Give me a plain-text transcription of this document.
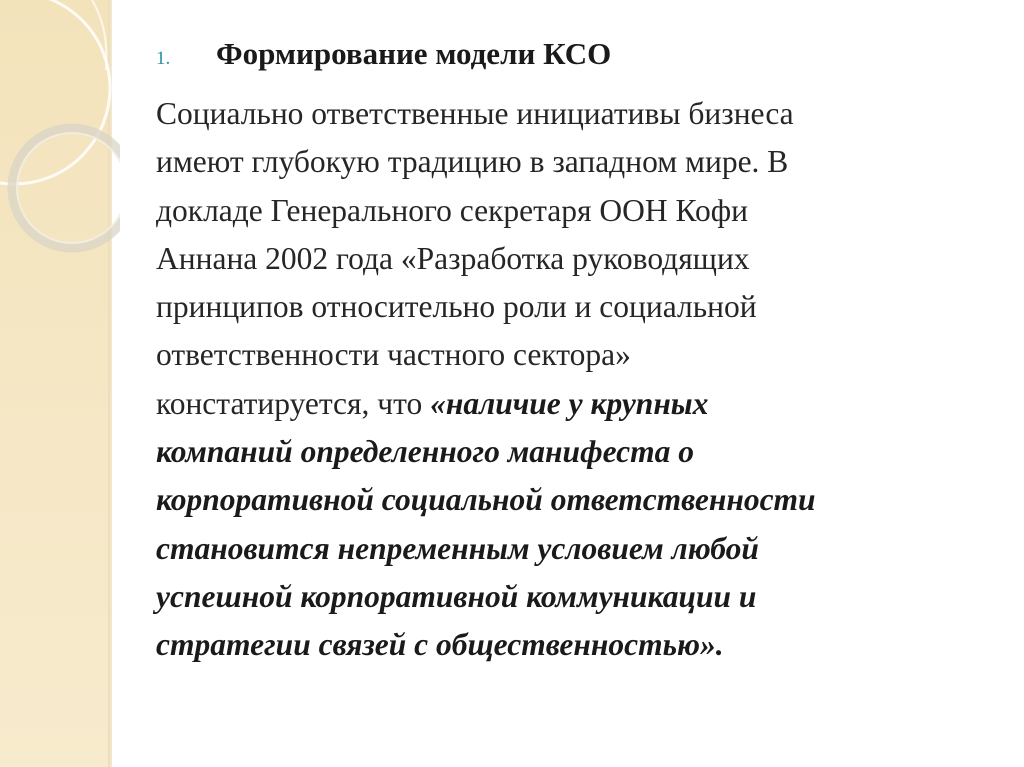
1.	Формирование модели КСО
Социально ответственные инициативы бизнеса
имеют глубокую традицию в западном мире. В
докладе Генерального секретаря ООН Кофи
Аннана 2002 года «Разработка руководящих
принципов относительно роли и социальной
ответственности частного сектора»
констатируется, что «наличие у крупных
компаний определенного манифеста о
корпоративной социальной ответственности
становится непременным условием любой
успешной корпоративной коммуникации и
стратегии связей с общественностью».
